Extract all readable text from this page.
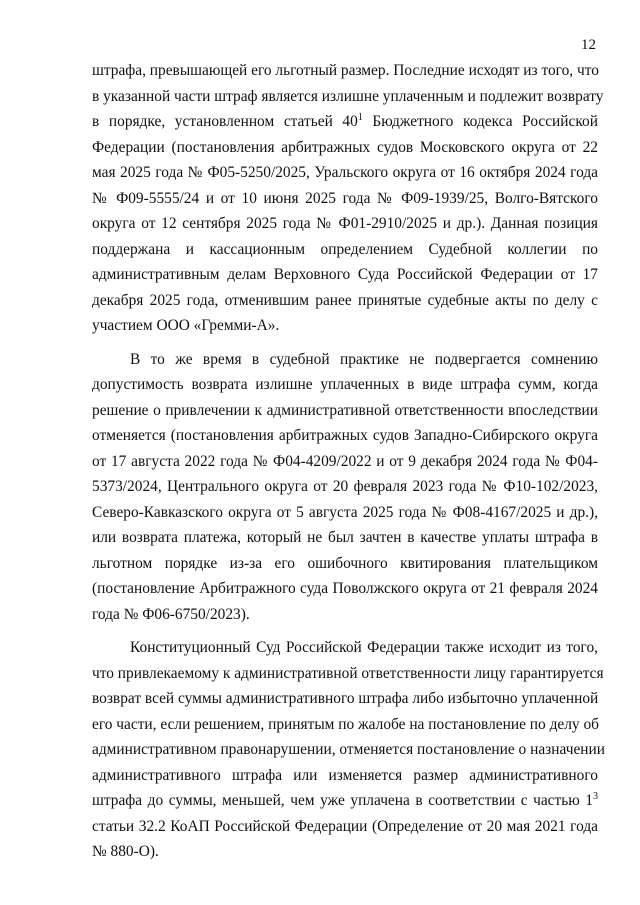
12
штрафа, превышающей его льготный размер. Последние исходят из того, что
в указанной части штраф является излишне уплаченным и подлежит возврату
в порядке, установленном статьей $40^1$ Бюджетного кодекса Российской
Федерации (постановления арбитражных судов Московского округа от 22
мая 2025 года № Ф05-5250/2025, Уральского округа от 16 октября 2024 года
№ Ф09-5555/24 и от 10 июня 2025 года № Ф09-1939/25, Волго-Вятского
округа от 12 сентября 2025 года № Ф01-2910/2025 и др.). Данная позиция
поддержана и кассационным определением Судебной коллегии по
административным делам Верховного Суда Российской Федерации от 17
декабря 2025 года, отменившим ранее принятые судебные акты по делу с
участием ООО «Гремми-А».
В то же время в судебной практике не подвергается сомнению
допустимость возврата излишне уплаченных в виде штрафа сумм, когда
решение о привлечении к административной ответственности впоследствии
отменяется (постановления арбитражных судов Западно-Сибирского округа
от 17 августа 2022 года № Ф04-4209/2022 и от 9 декабря 2024 года № Ф04-
5373/2024, Центрального округа от 20 февраля 2023 года № Ф10-102/2023,
Северо-Кавказского округа от 5 августа 2025 года № Ф08-4167/2025 и др.),
или возврата платежа, который не был зачтен в качестве уплаты штрафа в
льготном порядке из-за его ошибочного квитирования плательщиком
(постановление Арбитражного суда Поволжского округа от 21 февраля 2024
года № Ф06-6750/2023).
Конституционный Суд Российской Федерации также исходит из того,
что привлекаемому к административной ответственности лицу гарантируется
возврат всей суммы административного штрафа либо избыточно уплаченной
его части, если решением, принятым по жалобе на постановление по делу об
административном правонарушении, отменяется постановление о назначении
административного штрафа или изменяется размер административного
штрафа до суммы, меньшей, чем уже уплачена в соответствии с частью $1^3$
статьи 32.2 КоАП Российской Федерации (Определение от 20 мая 2021 года
№ 880-О).
